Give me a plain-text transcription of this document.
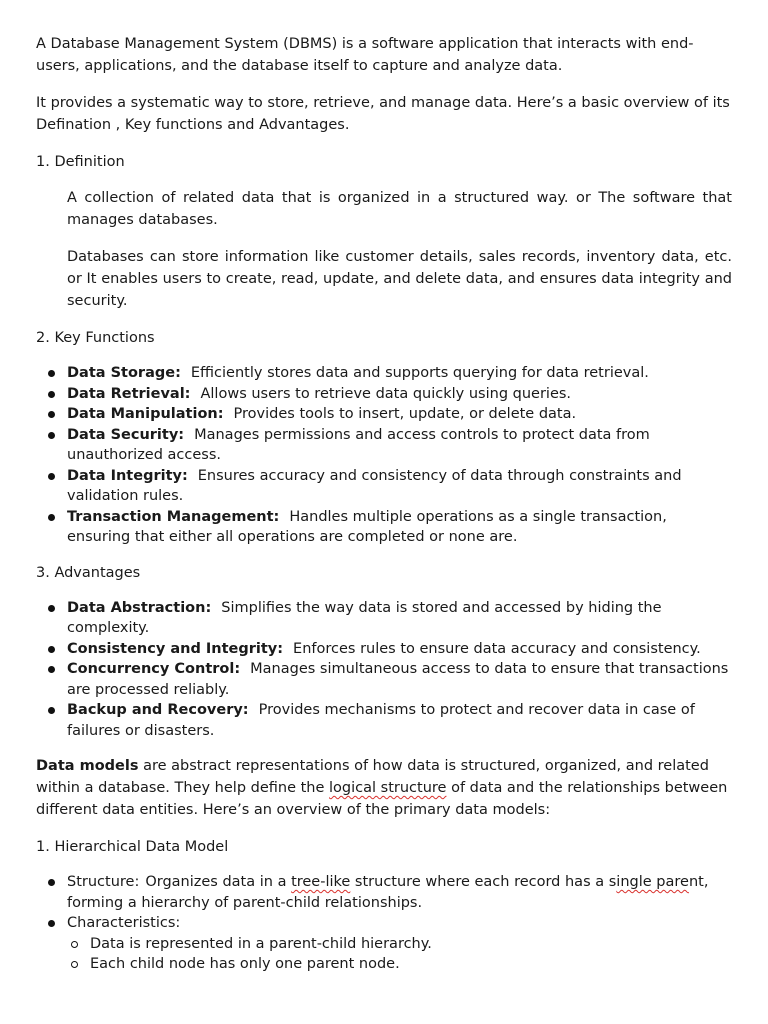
A Database Management System (DBMS) is a software application that interacts with end-users, applications, and the database itself to capture and analyze data.

It provides a systematic way to store, retrieve, and manage data. Here’s a basic overview of its Defination , Key functions and Advantages.

1. Definition

A collection of related data that is organized in a structured way. or The software that manages databases.

Databases can store information like customer details, sales records, inventory data, etc. or It enables users to create, read, update, and delete data, and ensures data integrity and security.

2. Key Functions

Data Storage: Efficiently stores data and supports querying for data retrieval.
Data Retrieval: Allows users to retrieve data quickly using queries.
Data Manipulation: Provides tools to insert, update, or delete data.
Data Security: Manages permissions and access controls to protect data from unauthorized access.
Data Integrity: Ensures accuracy and consistency of data through constraints and validation rules.
Transaction Management: Handles multiple operations as a single transaction, ensuring that either all operations are completed or none are.

3. Advantages

Data Abstraction: Simplifies the way data is stored and accessed by hiding the complexity.
Consistency and Integrity: Enforces rules to ensure data accuracy and consistency.
Concurrency Control: Manages simultaneous access to data to ensure that transactions are processed reliably.
Backup and Recovery: Provides mechanisms to protect and recover data in case of failures or disasters.

Data models are abstract representations of how data is structured, organized, and related within a database. They help define the logical structure of data and the relationships between different data entities. Here’s an overview of the primary data models:

1. Hierarchical Data Model

Structure: Organizes data in a tree-like structure where each record has a single parent, forming a hierarchy of parent-child relationships.
Characteristics:
Data is represented in a parent-child hierarchy.
Each child node has only one parent node.
